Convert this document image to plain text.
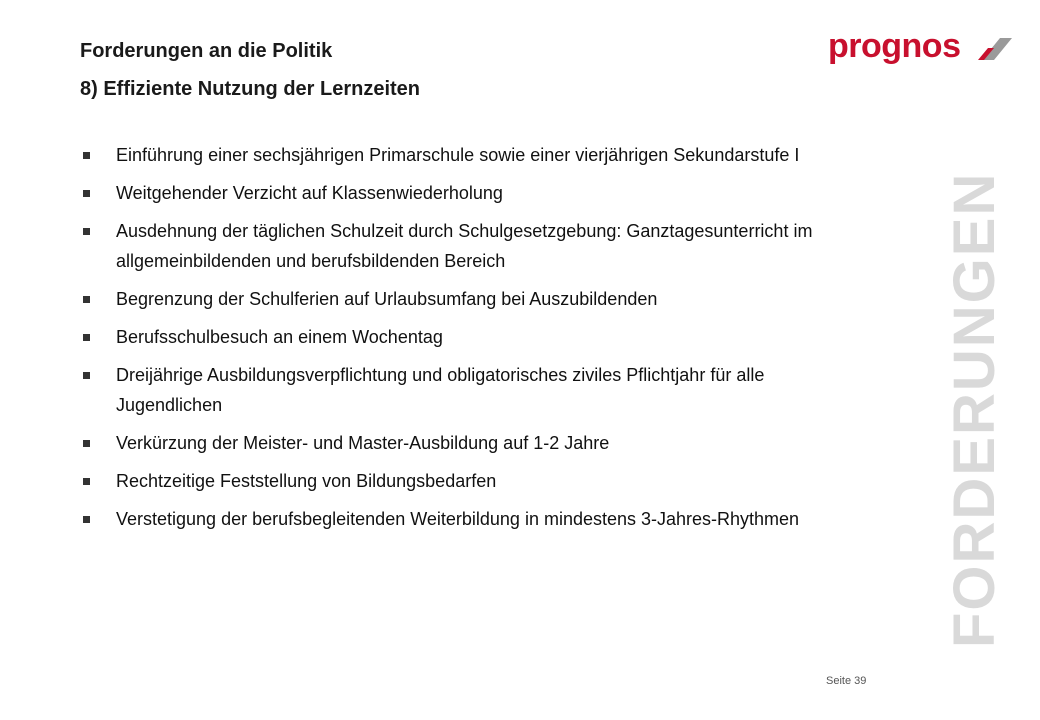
Forderungen an die Politik
8) Effiziente Nutzung der Lernzeiten
prognos
Einführung einer sechsjährigen Primarschule sowie einer vierjährigen Sekundarstufe I
Weitgehender Verzicht auf Klassenwiederholung
Ausdehnung der täglichen Schulzeit durch Schulgesetzgebung: Ganztagesunterricht im allgemeinbildenden und berufsbildenden Bereich
Begrenzung der Schulferien auf Urlaubsumfang bei Auszubildenden
Berufsschulbesuch an einem Wochentag
Dreijährige Ausbildungsverpflichtung und obligatorisches ziviles Pflichtjahr für alle Jugendlichen
Verkürzung der Meister- und Master-Ausbildung auf 1-2 Jahre
Rechtzeitige Feststellung von Bildungsbedarfen
Verstetigung der berufsbegleitenden Weiterbildung in mindestens 3-Jahres-Rhythmen	FORDERUNGEN
Seite 39
